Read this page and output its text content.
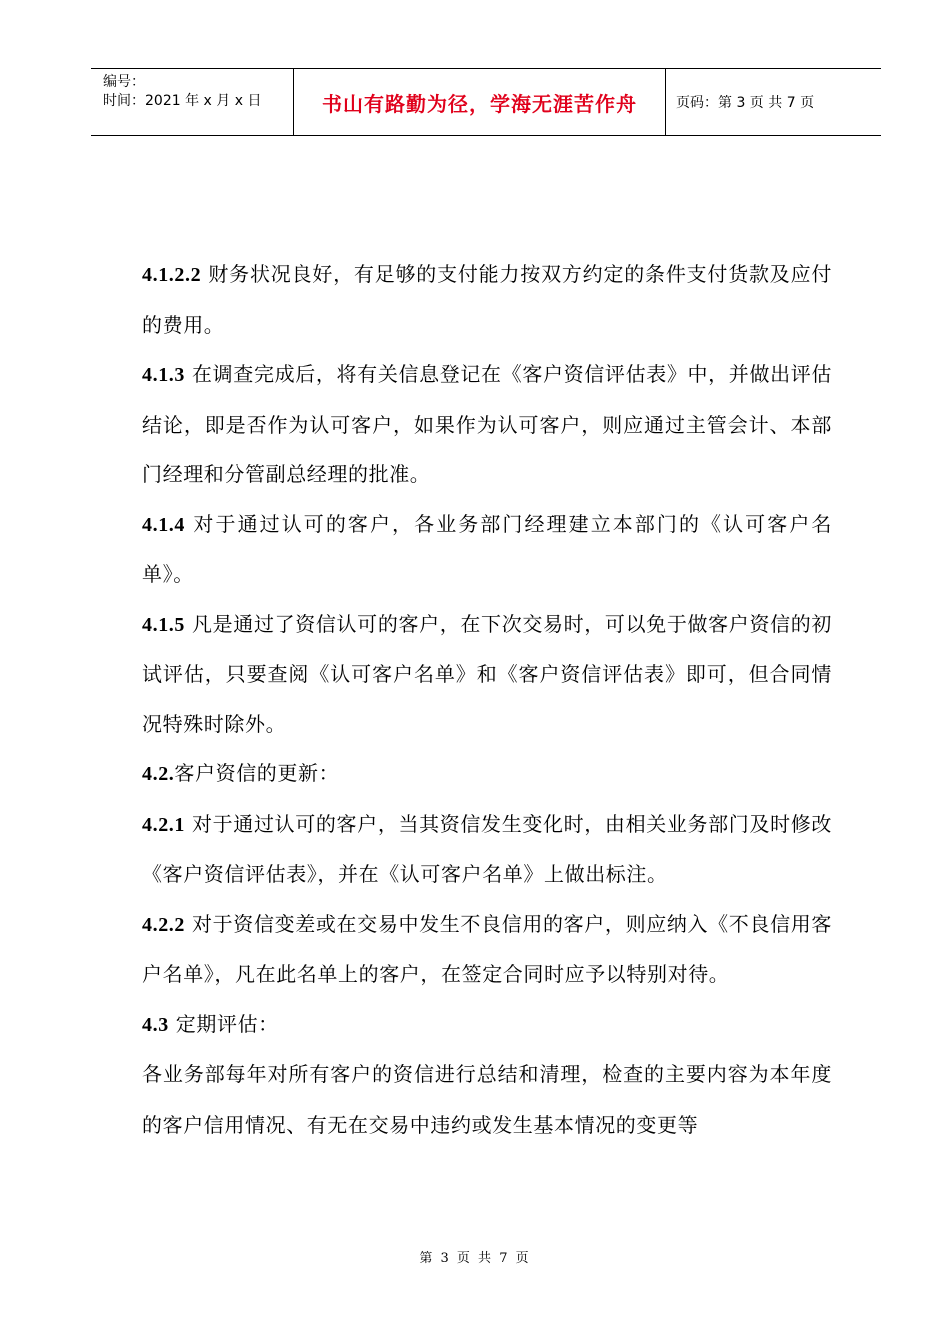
编号：
时间：2021 年 x 月 x 日	书山有路勤为径，学海无涯苦作舟	页码：第 3 页 共 7 页

4.1.2.2 财务状况良好，有足够的支付能力按双方约定的条件支付货款及应付的费用。

4.1.3 在调查完成后，将有关信息登记在《客户资信评估表》中，并做出评估结论，即是否作为认可客户，如果作为认可客户，则应通过主管会计、本部门经理和分管副总经理的批准。

4.1.4 对于通过认可的客户，各业务部门经理建立本部门的《认可客户名单》。

4.1.5 凡是通过了资信认可的客户，在下次交易时，可以免于做客户资信的初试评估，只要查阅《认可客户名单》和《客户资信评估表》即可，但合同情况特殊时除外。

4.2.客户资信的更新：

4.2.1 对于通过认可的客户，当其资信发生变化时，由相关业务部门及时修改《客户资信评估表》，并在《认可客户名单》上做出标注。

4.2.2 对于资信变差或在交易中发生不良信用的客户，则应纳入《不良信用客户名单》，凡在此名单上的客户，在签定合同时应予以特别对待。

4.3 定期评估：

各业务部每年对所有客户的资信进行总结和清理，检查的主要内容为本年度的客户信用情况、有无在交易中违约或发生基本情况的变更等

第 3 页 共 7 页
